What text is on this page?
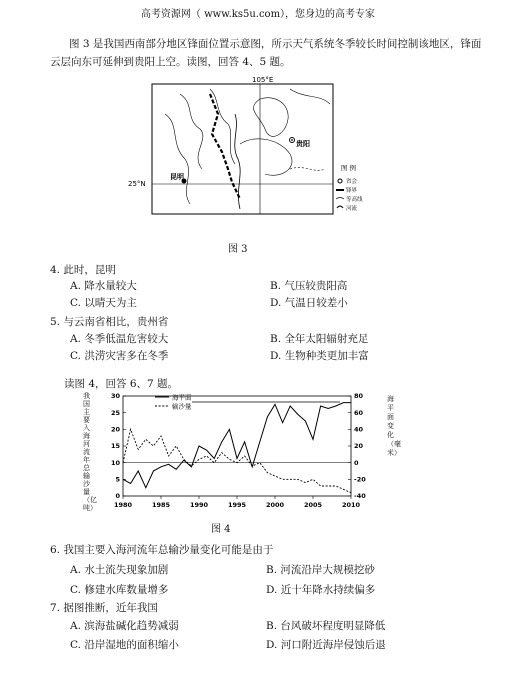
高考资源网（ www.ks5u.com），您身边的高考专家
图 3 是我国西南部分地区锋面位置示意图，所示天气系统冬季较长时间控制该地区，锋面
云层向东可延伸到贵阳上空。读图，回答 4、5 题。
105°E
25°N
昆明
贵阳
图 例
省会
锋界
等高线
河流
图 3
4. 此时，昆明
A. 降水量较大	B. 气压较贵阳高
C. 以晴天为主	D. 气温日较差小
5. 与云南省相比，贵州省
A. 冬季低温危害较大	B. 全年太阳辐射充足
C. 洪涝灾害多在冬季	D. 生物种类更加丰富
读图 4，回答 6、7 题。
1980	1985	1990	1995	2000	2005	2010
0
5
10
15
20
25
30
-40
-20
0
20
40
60
80
海平面
输沙量
我国主要入海河流年总输沙量（亿吨）
海平面变化（毫米）
图 4
6. 我国主要入海河流年总输沙量变化可能是由于
A. 水土流失现象加剧	B. 河流沿岸大规模挖砂
C. 修建水库数量增多	D. 近十年降水持续偏多
7. 据图推断，近年我国
A. 滨海盐碱化趋势减弱	B. 台风破坏程度明显降低
C. 沿岸湿地的面积缩小	D. 河口附近海岸侵蚀后退
